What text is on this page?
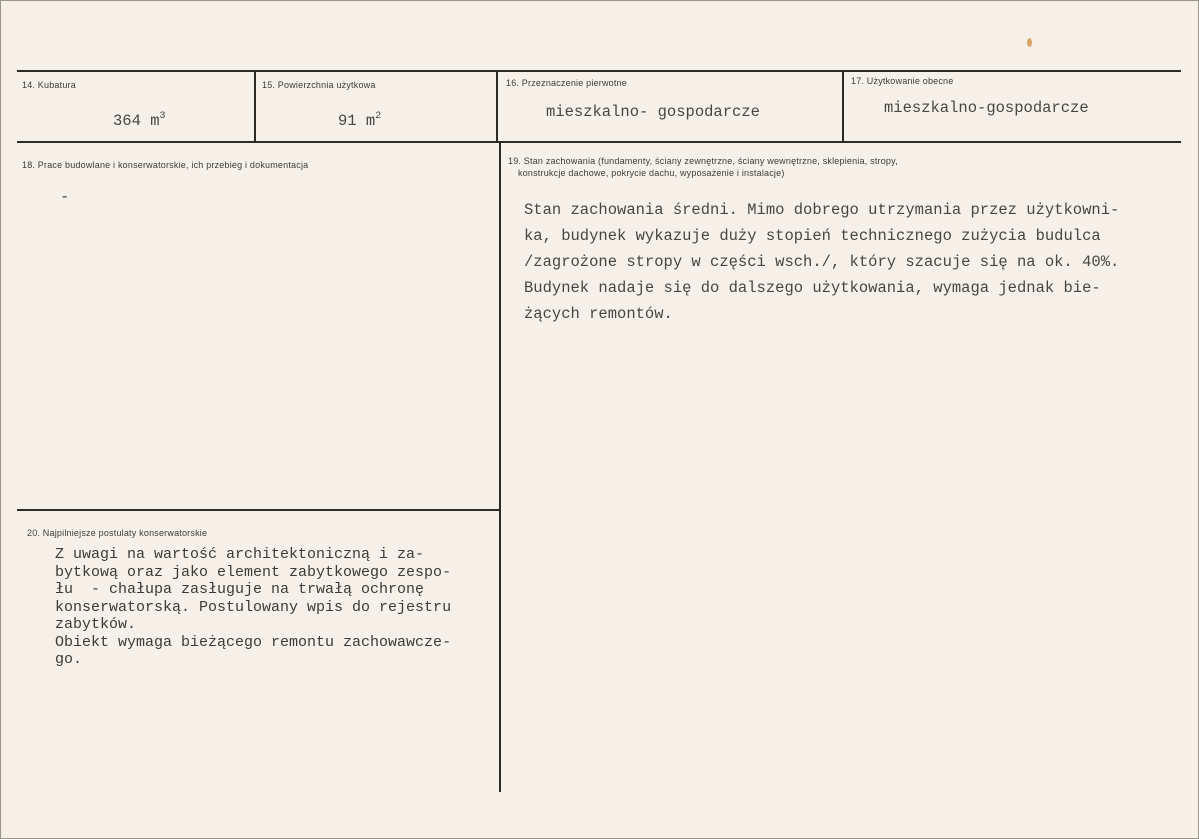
14. Kubatura
364 $m^3$
15. Powierzchnia użytkowa
91 $m^2$
16. Przeznaczenie pierwotne
mieszkalno- gospodarcze
17. Użytkowanie obecne
mieszkalno-gospodarcze
18. Prace budowlane i konserwatorskie, ich przebieg i dokumentacja
-
19. Stan zachowania (fundamenty, ściany zewnętrzne, ściany wewnętrzne, sklepienia, stropy,
konstrukcje dachowe, pokrycie dachu, wyposażenie i instalacje)
Stan zachowania średni. Mimo dobrego utrzymania przez użytkowni-
ka, budynek wykazuje duży stopień technicznego zużycia budulca
/zagrożone stropy w części wsch./, który szacuje się na ok. 40%.
Budynek nadaje się do dalszego użytkowania, wymaga jednak bie-
żących remontów.
20. Najpilniejsze postulaty konserwatorskie
Z uwagi na wartość architektoniczną i za-
bytkową oraz jako element zabytkowego zespo-
łu  - chałupa zasługuje na trwałą ochronę
konserwatorską. Postulowany wpis do rejestru
zabytków.
Obiekt wymaga bieżącego remontu zachowawcze-
go.
